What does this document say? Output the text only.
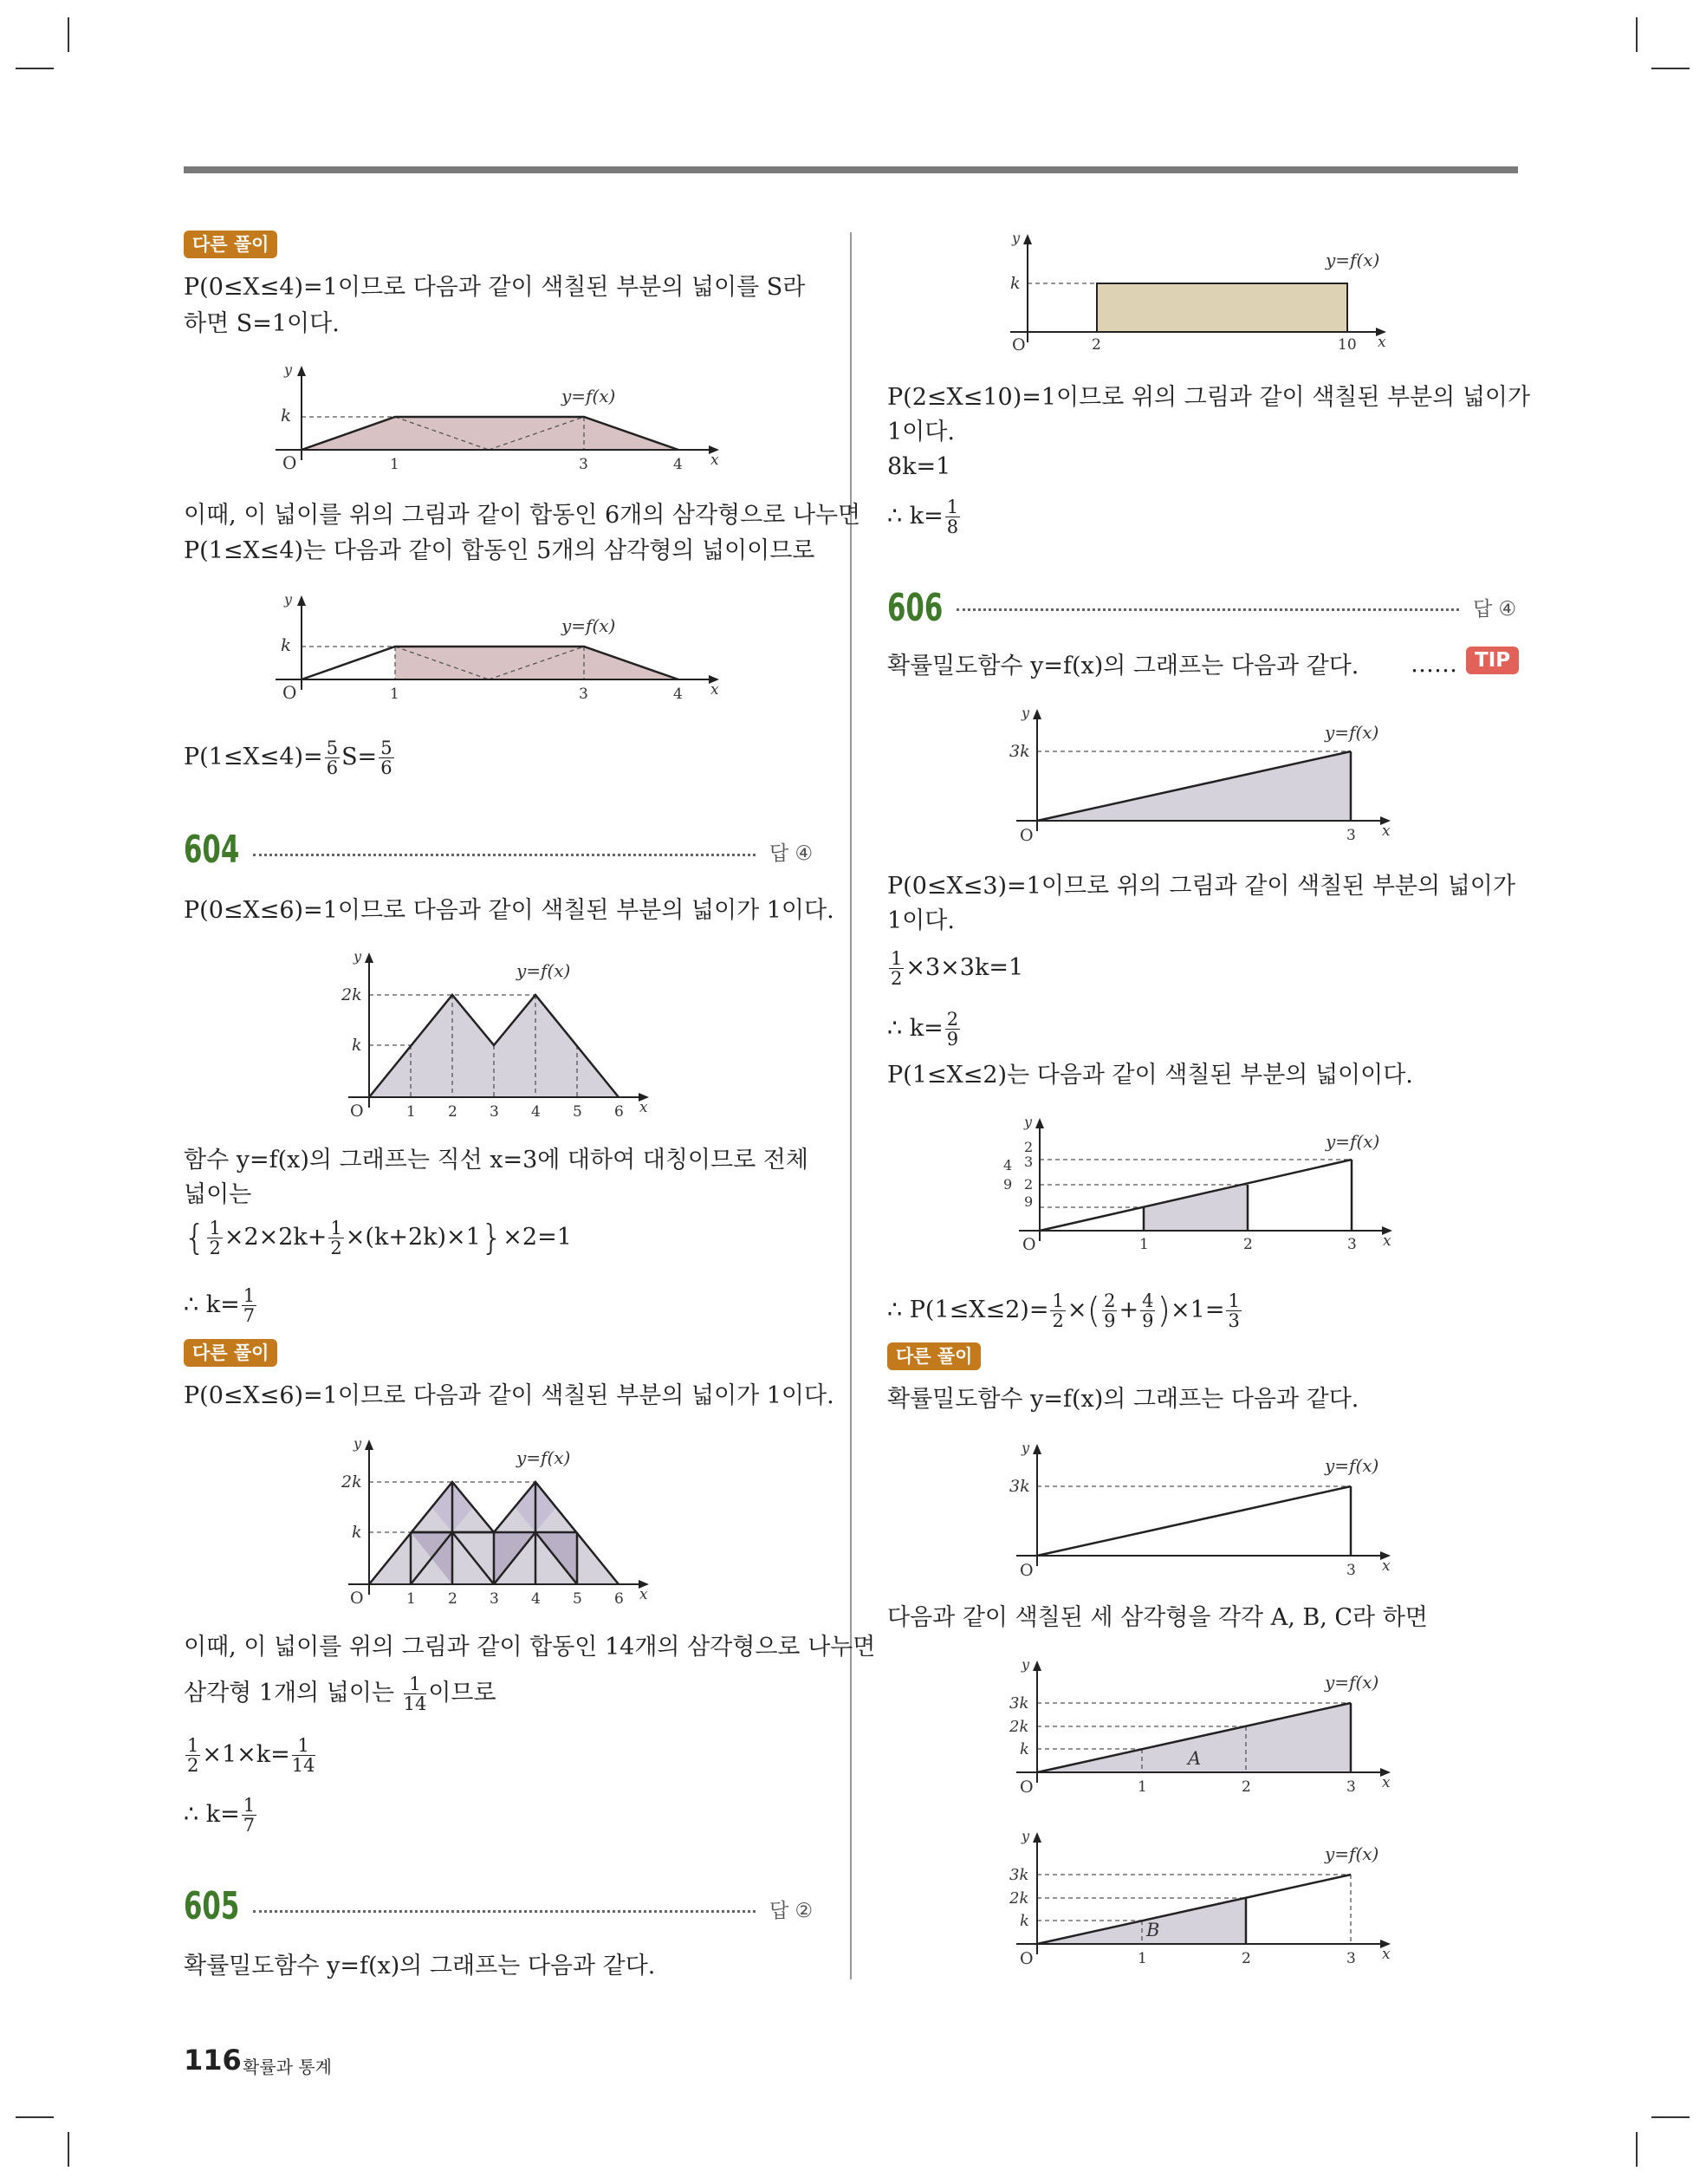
다른 풀이
P(0≤X≤4)=1이므로 다음과 같이 색칠된 부분의 넓이를 S라
하면 S=1이다.
y
k
O	1	3	4 x
y=f(x)
이때, 이 넓이를 위의 그림과 같이 합동인 6개의 삼각형으로 나누면
P(1≤X≤4)는 다음과 같이 합동인 5개의 삼각형의 넓이이므로
y
k
O	1	3	4 x
y=f(x)
$P(1\le X\le 4)= \frac{5}{6} S= \frac{5}{6}$
604	답 ④
P(0≤X≤6)=1이므로 다음과 같이 색칠된 부분의 넓이가 1이다.
y
2k
k
O	1 2 3 4 5 6 x
y=f(x)
함수 y=f(x)의 그래프는 직선 x=3에 대하여 대칭이므로 전체
넓이는
{ $\frac{1}{2} \times 2\times 2k+ \frac{1}{2} \times(k+2k)\times 1\}\times 2=1$
∴ $k= \frac{1}{7}$
다른 풀이
P(0≤X≤6)=1이므로 다음과 같이 색칠된 부분의 넓이가 1이다.
y
2k
k
O	1 2 3 4 5 6 x
y=f(x)
이때, 이 넓이를 위의 그림과 같이 합동인 14개의 삼각형으로 나누면
삼각형 1개의 넓이는 $\frac{1}{14}$ 이므로
$\frac{1}{2} \times 1\times k= \frac{1}{14}$
∴ $k= \frac{1}{7}$
605	답 ②
확률밀도함수 y=f(x)의 그래프는 다음과 같다.
y
k
O	2	10 x
y=f(x)
P(2≤X≤10)=1이므로 위의 그림과 같이 색칠된 부분의 넓이가
1이다.
8k=1
∴ $k= \frac{1}{8}$
606	답 ④
확률밀도함수 y=f(x)의 그래프는 다음과 같다. …… TIP
y
3k
O	3 x
y=f(x)
P(0≤X≤3)=1이므로 위의 그림과 같이 색칠된 부분의 넓이가
1이다.
$\frac{1}{2} \times 3\times 3k=1$
∴ $k= \frac{2}{9}$
P(1≤X≤2)는 다음과 같이 색칠된 부분의 넓이이다.
y
2
3
4
9 2
9
O	1	2	3 x
y=f(x)
∴ $P(1\le X\le 2)= \frac{1}{2}$ ×( $\frac{2}{9} + \frac{4}{9} )\times 1= \frac{1}{3}$
다른 풀이
확률밀도함수 y=f(x)의 그래프는 다음과 같다.
y
3k
O	3 x
y=f(x)
다음과 같이 색칠된 세 삼각형을 각각 A, B, C라 하면
y
3k
2k
k
O	1	2	3 x
A
y=f(x)
y
3k
2k
k
O	1	2	3 x
B
y=f(x)
116 확률과 통계
